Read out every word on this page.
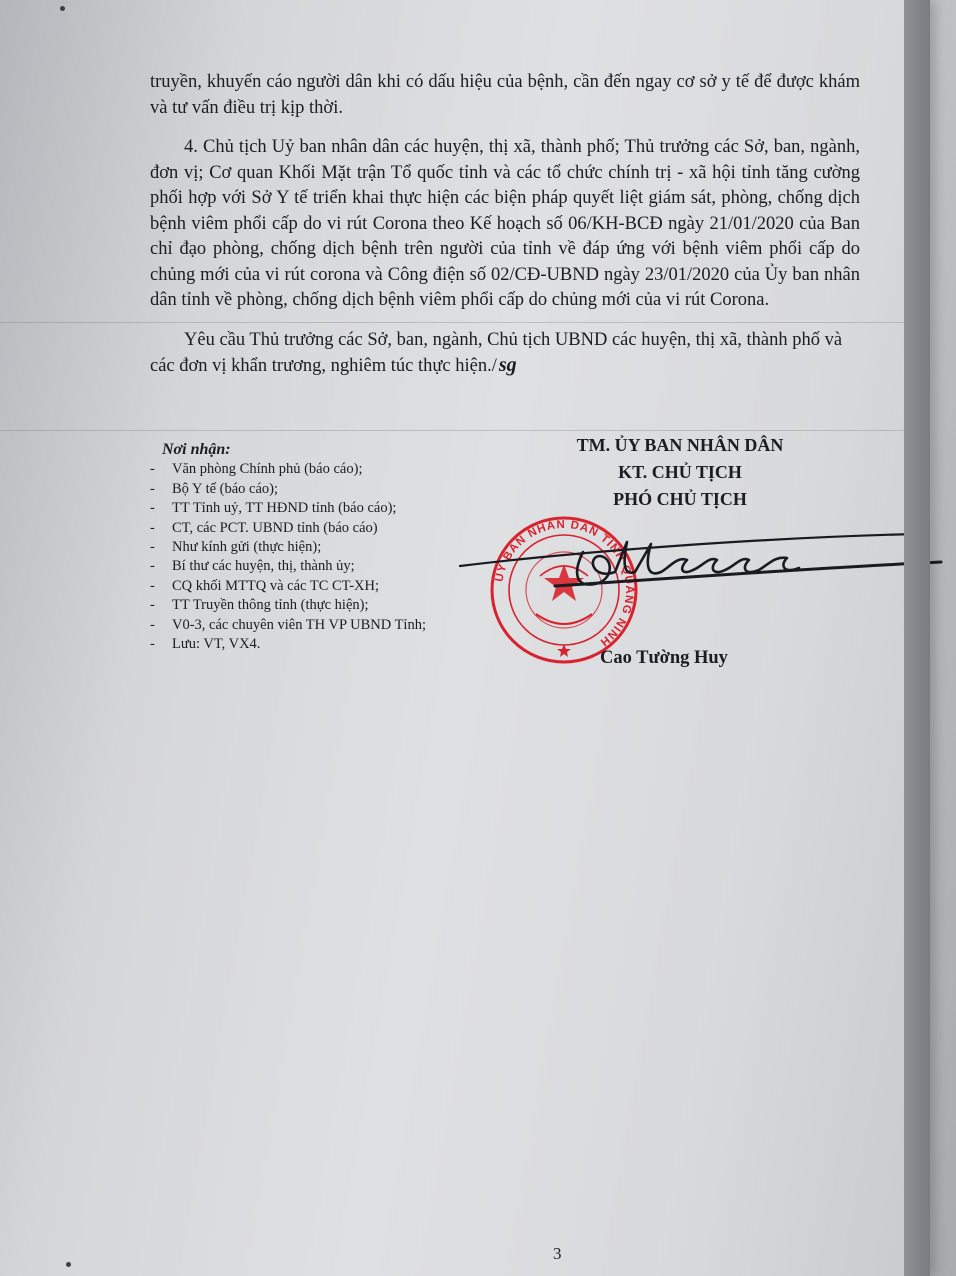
truyền, khuyến cáo người dân khi có dấu hiệu của bệnh, cần đến ngay cơ sở y tế để được khám và tư vấn điều trị kịp thời.

4. Chủ tịch Uỷ ban nhân dân các huyện, thị xã, thành phố; Thủ trưởng các Sở, ban, ngành, đơn vị; Cơ quan Khối Mặt trận Tổ quốc tỉnh và các tổ chức chính trị - xã hội tỉnh tăng cường phối hợp với Sở Y tế triển khai thực hiện các biện pháp quyết liệt giám sát, phòng, chống dịch bệnh viêm phổi cấp do vi rút Corona theo Kế hoạch số 06/KH-BCĐ ngày 21/01/2020 của Ban chỉ đạo phòng, chống dịch bệnh trên người của tỉnh về đáp ứng với bệnh viêm phổi cấp do chủng mới của vi rút corona và Công điện số 02/CĐ-UBND ngày 23/01/2020 của Ủy ban nhân dân tỉnh về phòng, chống dịch bệnh viêm phổi cấp do chủng mới của vi rút Corona.

Yêu cầu Thủ trưởng các Sở, ban, ngành, Chủ tịch UBND các huyện, thị xã, thành phố và các đơn vị khẩn trương, nghiêm túc thực hiện./ sg

Nơi nhận:
- Văn phòng Chính phủ (báo cáo);
- Bộ Y tế (báo cáo);
- TT Tỉnh uỷ, TT HĐND tỉnh (báo cáo);
- CT, các PCT. UBND tỉnh (báo cáo)
- Như kính gửi (thực hiện);
- Bí thư các huyện, thị, thành ủy;
- CQ khối MTTQ và các TC CT-XH;
- TT Truyền thông tỉnh (thực hiện);
- V0-3, các chuyên viên TH VP UBND Tỉnh;
- Lưu: VT, VX4.
TM. ỦY BAN NHÂN DÂN
KT. CHỦ TỊCH
PHÓ CHỦ TỊCH
ỦY BAN NHÂN DÂN TỈNH QUẢNG NINH
Cao Tường Huy
3
